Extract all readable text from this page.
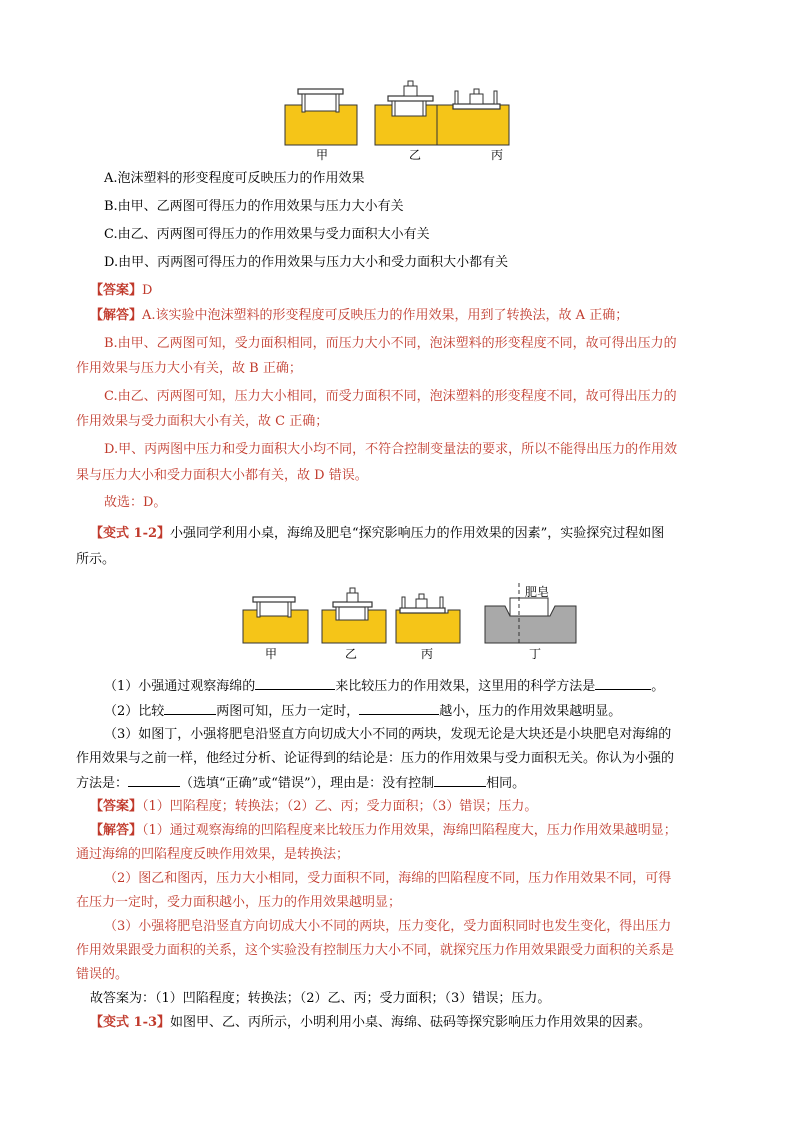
甲	乙	丙
A.泡沫塑料的形变程度可反映压力的作用效果
B.由甲、乙两图可得压力的作用效果与压力大小有关
C.由乙、丙两图可得压力的作用效果与受力面积大小有关
D.由甲、丙两图可得压力的作用效果与压力大小和受力面积大小都有关
【答案】D
【解答】A.该实验中泡沫塑料的形变程度可反映压力的作用效果，用到了转换法，故 A 正确；
B.由甲、乙两图可知，受力面积相同，而压力大小不同，泡沫塑料的形变程度不同，故可得出压力的
作用效果与压力大小有关，故 B 正确；
C.由乙、丙两图可知，压力大小相同，而受力面积不同，泡沫塑料的形变程度不同，故可得出压力的
作用效果与受力面积大小有关，故 C 正确；
D.甲、丙两图中压力和受力面积大小均不同，不符合控制变量法的要求，所以不能得出压力的作用效
果与压力大小和受力面积大小都有关，故 D 错误。
故选：D。
【变式 1-2】小强同学利用小桌，海绵及肥皂“探究影响压力的作用效果的因素”，实验探究过程如图
所示。
甲	乙	丙	丁
肥皂
（1）小强通过观察海绵的	来比较压力的作用效果，这里用的科学方法是	。
（2）比较	两图可知，压力一定时，	越小，压力的作用效果越明显。
（3）如图丁，小强将肥皂沿竖直方向切成大小不同的两块，发现无论是大块还是小块肥皂对海绵的
作用效果与之前一样，他经过分析、论证得到的结论是：压力的作用效果与受力面积无关。你认为小强的
方法是：	（选填“正确”或“错误”），理由是：没有控制	相同。
【答案】（1）凹陷程度；转换法；（2）乙、丙；受力面积；（3）错误；压力。
【解答】（1）通过观察海绵的凹陷程度来比较压力作用效果，海绵凹陷程度大，压力作用效果越明显；
通过海绵的凹陷程度反映作用效果，是转换法；
（2）图乙和图丙，压力大小相同，受力面积不同，海绵的凹陷程度不同，压力作用效果不同，可得
在压力一定时，受力面积越小，压力的作用效果越明显；
（3）小强将肥皂沿竖直方向切成大小不同的两块，压力变化，受力面积同时也发生变化，得出压力
作用效果跟受力面积的关系，这个实验没有控制压力大小不同，就探究压力作用效果跟受力面积的关系是
错误的。
故答案为：（1）凹陷程度；转换法；（2）乙、丙；受力面积；（3）错误；压力。
【变式 1-3】如图甲、乙、丙所示，小明利用小桌、海绵、砝码等探究影响压力作用效果的因素。
